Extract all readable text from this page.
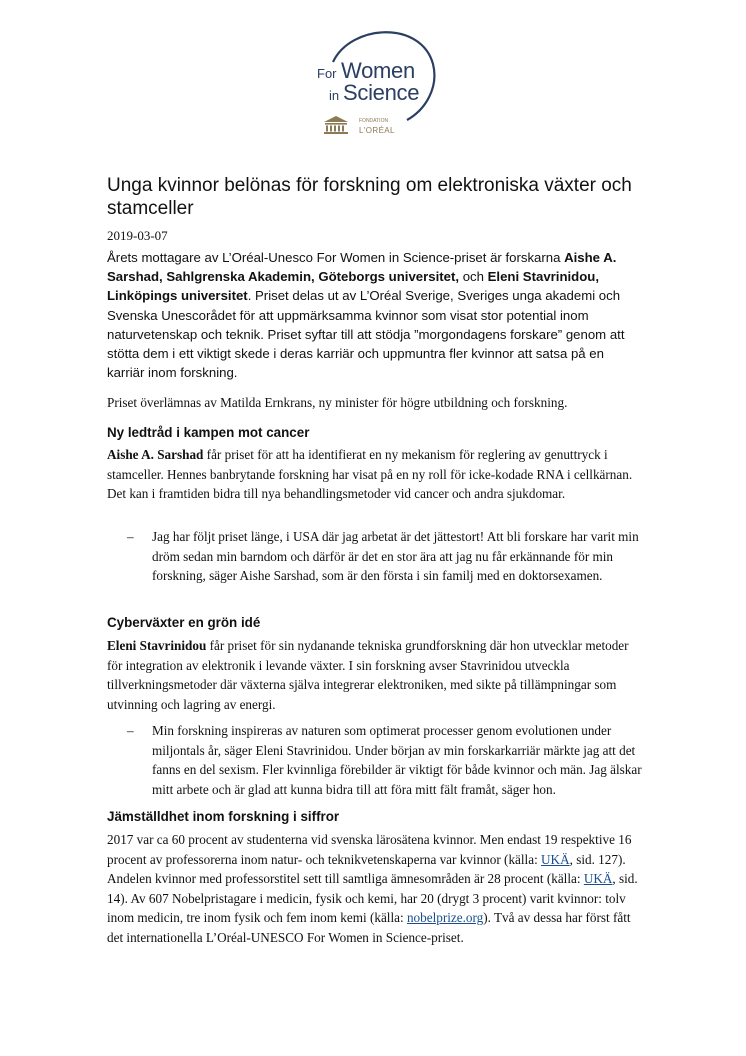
For Women
in Science
FONDATION
L'ORÉAL
Unga kvinnor belönas för forskning om elektroniska växter och stamceller
2019-03-07

Årets mottagare av L’Oréal-Unesco For Women in Science-priset är forskarna Aishe A. Sarshad, Sahlgrenska Akademin, Göteborgs universitet, och Eleni Stavrinidou, Linköpings universitet. Priset delas ut av L’Oréal Sverige, Sveriges unga akademi och Svenska Unescorådet för att uppmärksamma kvinnor som visat stor potential inom naturvetenskap och teknik. Priset syftar till att stödja ”morgondagens forskare” genom att stötta dem i ett viktigt skede i deras karriär och uppmuntra fler kvinnor att satsa på en karriär inom forskning.

Priset överlämnas av Matilda Ernkrans, ny minister för högre utbildning och forskning.

Ny ledtråd i kampen mot cancer

Aishe A. Sarshad får priset för att ha identifierat en ny mekanism för reglering av genuttryck i stamceller. Hennes banbrytande forskning har visat på en ny roll för icke-kodade RNA i cellkärnan. Det kan i framtiden bidra till nya behandlingsmetoder vid cancer och andra sjukdomar.

– Jag har följt priset länge, i USA där jag arbetat är det jättestort! Att bli forskare har varit min dröm sedan min barndom och därför är det en stor ära att jag nu får erkännande för min forskning, säger Aishe Sarshad, som är den första i sin familj med en doktorsexamen.

Cyberväxter en grön idé

Eleni Stavrinidou får priset för sin nydanande tekniska grundforskning där hon utvecklar metoder för integration av elektronik i levande växter. I sin forskning avser Stavrinidou utveckla tillverkningsmetoder där växterna själva integrerar elektroniken, med sikte på tillämpningar som utvinning och lagring av energi.

– Min forskning inspireras av naturen som optimerat processer genom evolutionen under miljontals år, säger Eleni Stavrinidou. Under början av min forskarkarriär märkte jag att det fanns en del sexism. Fler kvinnliga förebilder är viktigt för både kvinnor och män. Jag älskar mitt arbete och är glad att kunna bidra till att föra mitt fält framåt, säger hon.

Jämställdhet inom forskning i siffror

2017 var ca 60 procent av studenterna vid svenska lärosätena kvinnor. Men endast 19 respektive 16 procent av professorerna inom natur- och teknikvetenskaperna var kvinnor (källa: UKÄ, sid. 127). Andelen kvinnor med professorstitel sett till samtliga ämnesområden är 28 procent (källa: UKÄ, sid. 14). Av 607 Nobelpristagare i medicin, fysik och kemi, har 20 (drygt 3 procent) varit kvinnor: tolv inom medicin, tre inom fysik och fem inom kemi (källa: nobelprize.org). Två av dessa har först fått det internationella L’Oréal-UNESCO For Women in Science-priset.
